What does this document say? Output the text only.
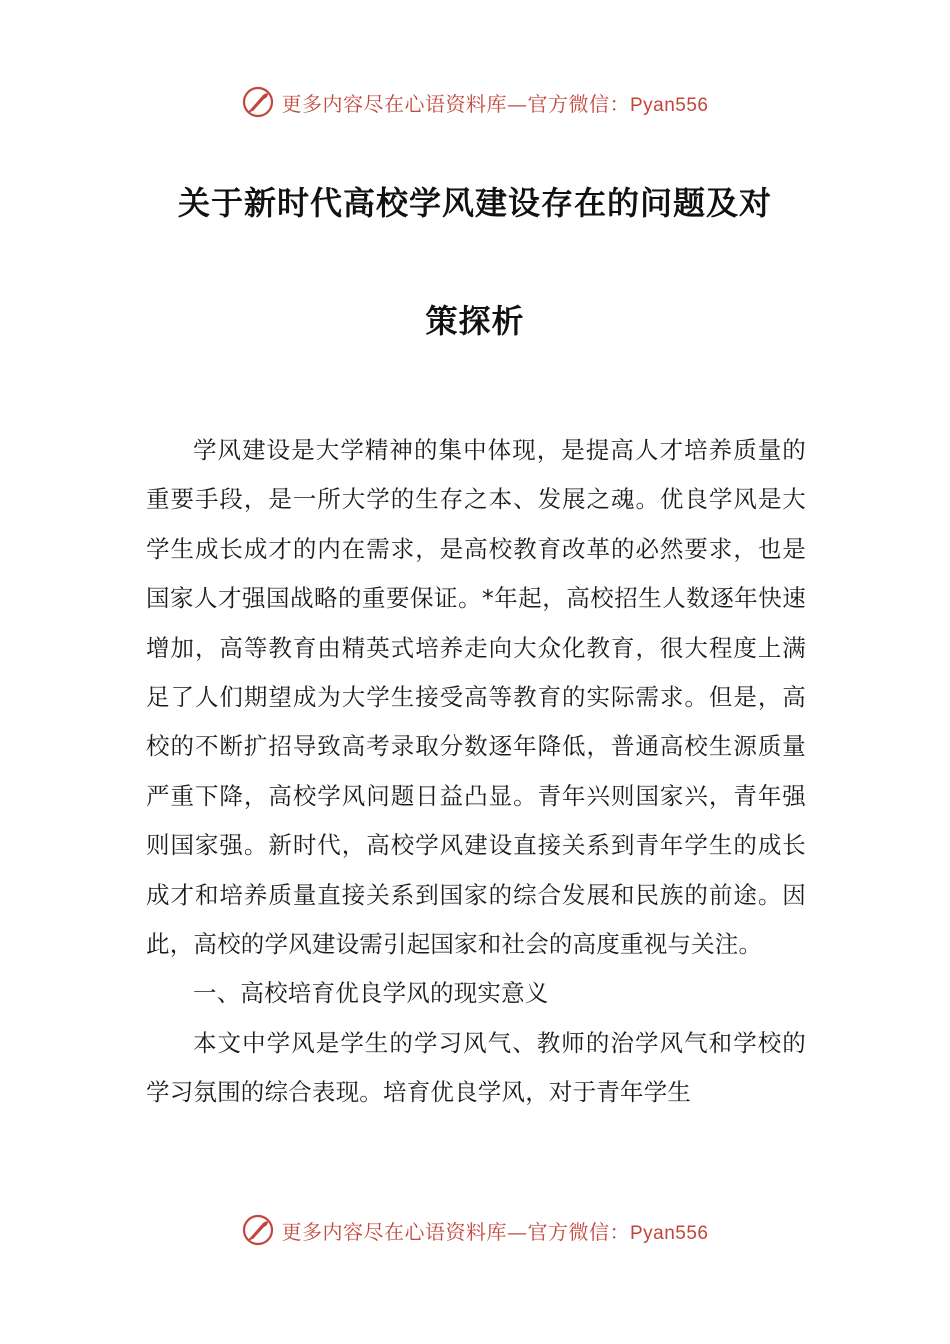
更多内容尽在心语资料库—官方微信：Pyan556
关于新时代高校学风建设存在的问题及对
策探析

学风建设是大学精神的集中体现，是提高人才培养质量的重要手段，是一所大学的生存之本、发展之魂。优良学风是大学生成长成才的内在需求，是高校教育改革的必然要求，也是国家人才强国战略的重要保证。*年起，高校招生人数逐年快速增加，高等教育由精英式培养走向大众化教育，很大程度上满足了人们期望成为大学生接受高等教育的实际需求。但是，高校的不断扩招导致高考录取分数逐年降低，普通高校生源质量严重下降，高校学风问题日益凸显。青年兴则国家兴，青年强则国家强。新时代，高校学风建设直接关系到青年学生的成长成才和培养质量直接关系到国家的综合发展和民族的前途。因此，高校的学风建设需引起国家和社会的高度重视与关注。

一、高校培育优良学风的现实意义

本文中学风是学生的学习风气、教师的治学风气和学校的学习氛围的综合表现。培育优良学风，对于青年学生

更多内容尽在心语资料库—官方微信：Pyan556
